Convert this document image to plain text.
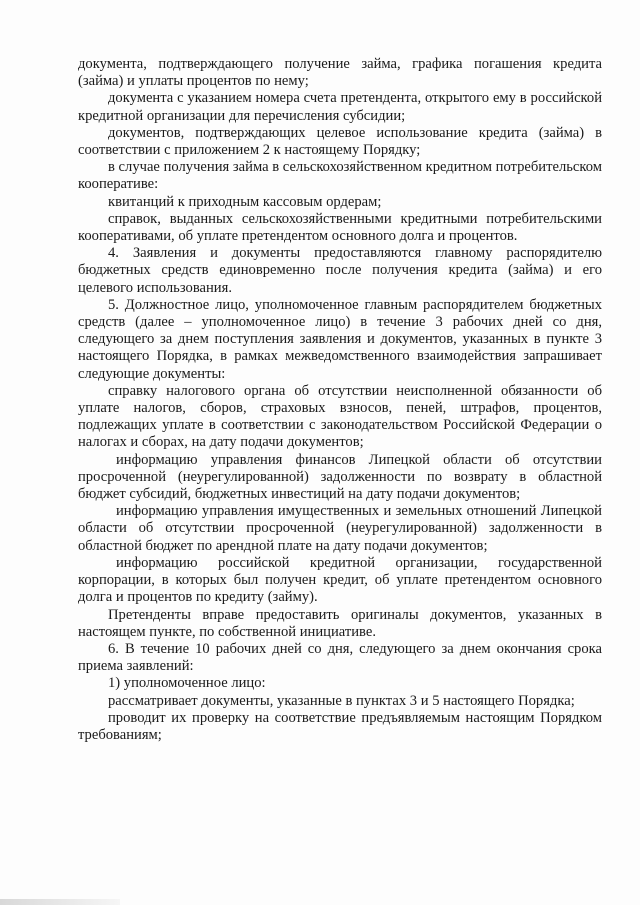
документа, подтверждающего получение займа, графика погашения кредита (займа) и уплаты процентов по нему;

документа с указанием номера счета претендента, открытого ему в российской кредитной организации для перечисления субсидии;

документов, подтверждающих целевое использование кредита (займа) в соответствии с приложением 2 к настоящему Порядку;

в случае получения займа в сельскохозяйственном кредитном потребительском кооперативе:

квитанций к приходным кассовым ордерам;

справок, выданных сельскохозяйственными кредитными потребительскими кооперативами, об уплате претендентом основного долга и процентов.

4. Заявления и документы предоставляются главному распорядителю бюджетных средств единовременно после получения кредита (займа) и его целевого использования.

5. Должностное лицо, уполномоченное главным распорядителем бюджетных средств (далее – уполномоченное лицо) в течение 3 рабочих дней со дня, следующего за днем поступления заявления и документов, указанных в пункте 3 настоящего Порядка, в рамках межведомственного взаимодействия запрашивает следующие документы:

справку налогового органа об отсутствии неисполненной обязанности об уплате налогов, сборов, страховых взносов, пеней, штрафов, процентов, подлежащих уплате в соответствии с законодательством Российской Федерации о налогах и сборах, на дату подачи документов;

информацию управления финансов Липецкой области об отсутствии просроченной (неурегулированной) задолженности по возврату в областной бюджет субсидий, бюджетных инвестиций на дату подачи документов;

информацию управления имущественных и земельных отношений Липецкой области об отсутствии просроченной (неурегулированной) задолженности в областной бюджет по арендной плате на дату подачи документов;

информацию российской кредитной организации, государственной корпорации, в которых был получен кредит, об уплате претендентом основного долга и процентов по кредиту (займу).

Претенденты вправе предоставить оригиналы документов, указанных в настоящем пункте, по собственной инициативе.

6. В течение 10 рабочих дней со дня, следующего за днем окончания срока приема заявлений:

1) уполномоченное лицо:

рассматривает документы, указанные в пунктах 3 и 5 настоящего Порядка;

проводит их проверку на соответствие предъявляемым настоящим Порядком требованиям;
